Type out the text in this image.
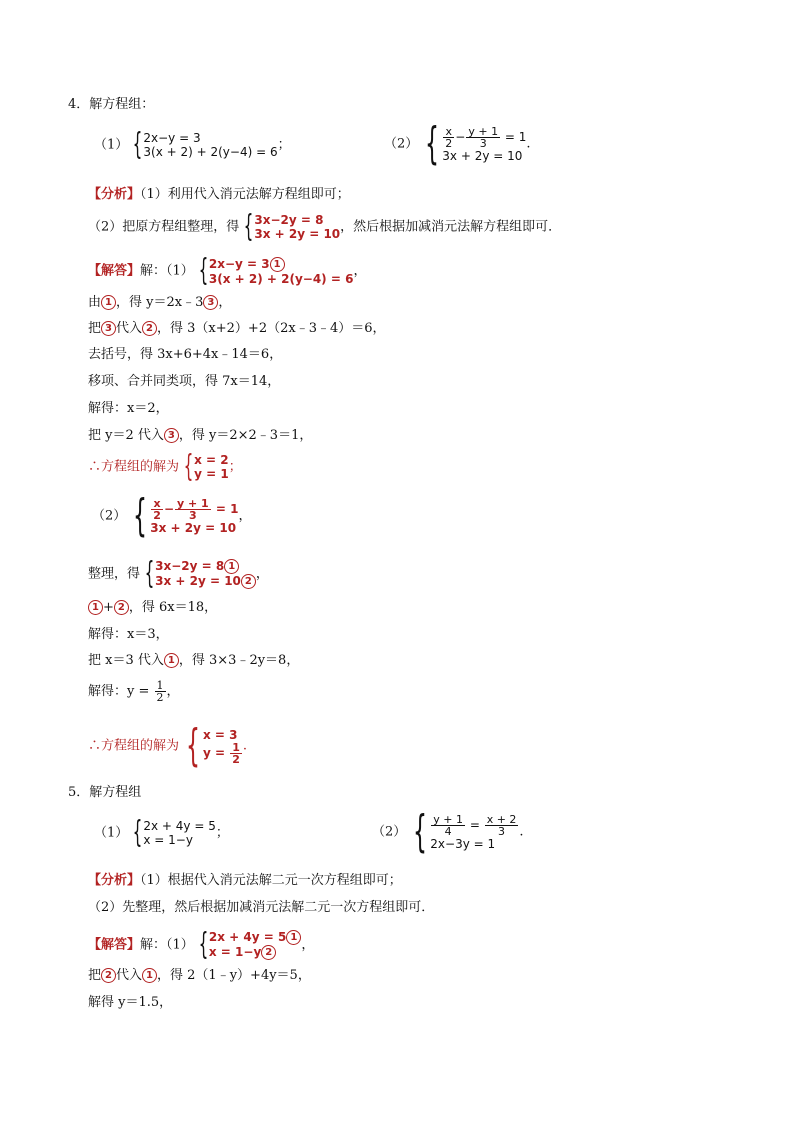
4．解方程组：
（1） { 2x−y = 3
3(x + 2) + 2(y−4) = 6 ；	（2） { $\frac{x}{2} - \frac{y + 1}{3} = 1$
3x + 2y = 10
.
【分析】（1）利用代入消元法解方程组即可；
（2）把原方程组整理，得 { 3x−2y = 8
3x + 2y = 10 ，然后根据加减消元法解方程组即可．
【解答】解：（1） { 2x−y = 3 1
3(x + 2) + 2(y−4) = 6 ，
由 1 ，得 y＝2x﹣3 3 ，
把 3 代入 2 ，得 3（x+2）+2（2x﹣3﹣4）＝6，
去括号，得 3x+6+4x﹣14＝6，
移项、合并同类项，得 7x＝14，
解得：x＝2，
把 y＝2 代入 3 ，得 y＝2×2﹣3＝1，
∴方程组的解为 { x = 2
y = 1 ；
（2） { $\frac{x}{2} - \frac{y + 1}{3} = 1$
3x + 2y = 10
，
整理，得 { 3x−2y = 8 1
3x + 2y = 10 2 ，
1 + 2 ，得 6x＝18，
解得：x＝3，
把 x＝3 代入 1 ，得 3×3﹣2y＝8，
解得：$y = \frac{1}{2}$ ，
∴方程组的解为 { x = 3
$y = \frac{1}{2}$ .
5．解方程组
（1） { 2x + 4y = 5
x = 1−y	；	（2） { $\frac{y + 1}{4} = \frac{x + 2}{3}$
2x−3y = 1
.
【分析】（1）根据代入消元法解二元一次方程组即可；
（2）先整理，然后根据加减消元法解二元一次方程组即可．
【解答】解：（1） { 2x + 4y = 5 1
x = 1−y 2	，
把 2 代入 1 ，得 2（1﹣y）+4y＝5，
解得 y＝1.5，
